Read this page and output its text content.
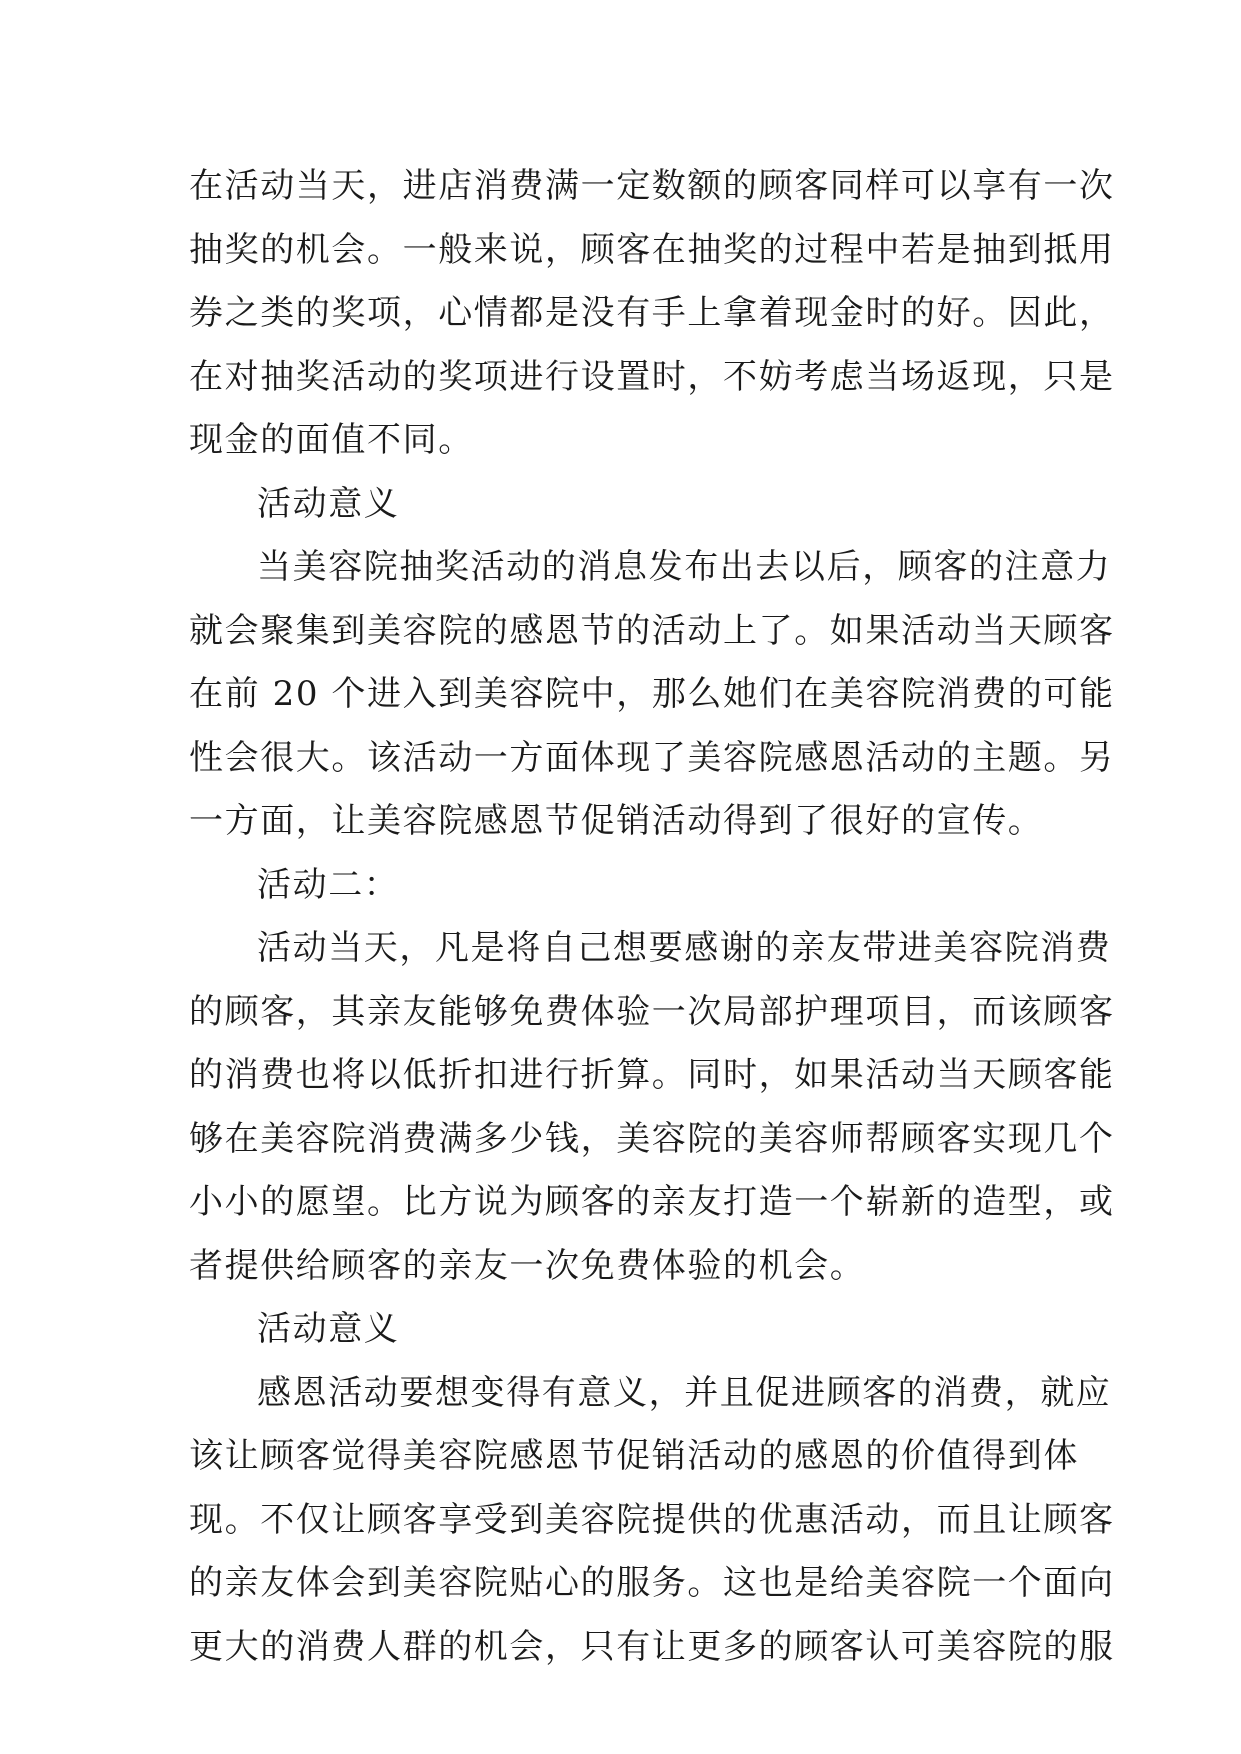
在活动当天，进店消费满一定数额的顾客同样可以享有一次
抽奖的机会。一般来说，顾客在抽奖的过程中若是抽到抵用
券之类的奖项，心情都是没有手上拿着现金时的好。因此，
在对抽奖活动的奖项进行设置时，不妨考虑当场返现，只是
现金的面值不同。
活动意义
当美容院抽奖活动的消息发布出去以后，顾客的注意力
就会聚集到美容院的感恩节的活动上了。如果活动当天顾客
在前 20 个进入到美容院中，那么她们在美容院消费的可能
性会很大。该活动一方面体现了美容院感恩活动的主题。另
一方面，让美容院感恩节促销活动得到了很好的宣传。
活动二：
活动当天，凡是将自己想要感谢的亲友带进美容院消费
的顾客，其亲友能够免费体验一次局部护理项目，而该顾客
的消费也将以低折扣进行折算。同时，如果活动当天顾客能
够在美容院消费满多少钱，美容院的美容师帮顾客实现几个
小小的愿望。比方说为顾客的亲友打造一个崭新的造型，或
者提供给顾客的亲友一次免费体验的机会。
活动意义
感恩活动要想变得有意义，并且促进顾客的消费，就应
该让顾客觉得美容院感恩节促销活动的感恩的价值得到体
现。不仅让顾客享受到美容院提供的优惠活动，而且让顾客
的亲友体会到美容院贴心的服务。这也是给美容院一个面向
更大的消费人群的机会，只有让更多的顾客认可美容院的服
